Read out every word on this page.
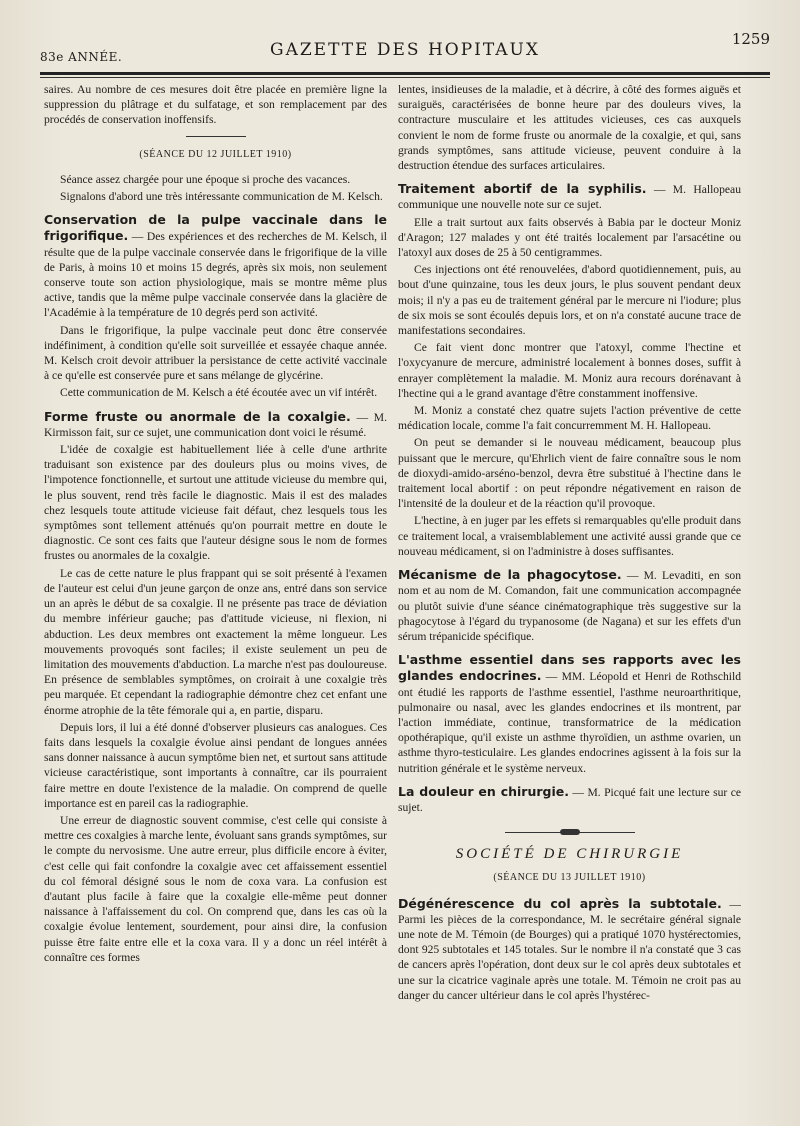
83e ANNÉE.	GAZETTE DES HOPITAUX
1259

saires. Au nombre de ces mesures doit être placée en première ligne la suppression du plâtrage et du sulfatage, et son remplacement par des procédés de conservation inoffensifs.

(SÉANCE DU 12 JUILLET 1910)

Séance assez chargée pour une époque si proche des vacances.

Signalons d'abord une très intéressante communication de M. Kelsch.

Conservation de la pulpe vaccinale dans le frigorifique. — Des expériences et des recherches de M. Kelsch, il résulte que de la pulpe vaccinale conservée dans le frigorifique de la ville de Paris, à moins 10 et moins 15 degrés, après six mois, non seulement conserve toute son action physiologique, mais se montre même plus active, tandis que la même pulpe vaccinale conservée dans la glacière de l'Académie à la température de 10 degrés perd son activité.

Dans le frigorifique, la pulpe vaccinale peut donc être conservée indéfiniment, à condition qu'elle soit surveillée et essayée chaque année. M. Kelsch croit devoir attribuer la persistance de cette activité vaccinale à ce qu'elle est conservée pure et sans mélange de glycérine.

Cette communication de M. Kelsch a été écoutée avec un vif intérêt.

Forme fruste ou anormale de la coxalgie. — M. Kirmisson fait, sur ce sujet, une communication dont voici le résumé.

L'idée de coxalgie est habituellement liée à celle d'une arthrite traduisant son existence par des douleurs plus ou moins vives, de l'impotence fonctionnelle, et surtout une attitude vicieuse du membre qui, le plus souvent, rend très facile le diagnostic. Mais il est des malades chez lesquels toute attitude vicieuse fait défaut, chez lesquels tous les symptômes sont tellement atténués qu'on pourrait mettre en doute le diagnostic. Ce sont ces faits que l'auteur désigne sous le nom de formes frustes ou anormales de la coxalgie.

Le cas de cette nature le plus frappant qui se soit présenté à l'examen de l'auteur est celui d'un jeune garçon de onze ans, entré dans son service un an après le début de sa coxalgie. Il ne présente pas trace de déviation du membre inférieur gauche; pas d'attitude vicieuse, ni flexion, ni abduction. Les deux membres ont exactement la même longueur. Les mouvements provoqués sont faciles; il existe seulement un peu de limitation des mouvements d'abduction. La marche n'est pas douloureuse. En présence de semblables symptômes, on croirait à une coxalgie très peu marquée. Et cependant la radiographie démontre chez cet enfant une énorme atrophie de la tête fémorale qui a, en partie, disparu.

Depuis lors, il lui a été donné d'observer plusieurs cas analogues. Ces faits dans lesquels la coxalgie évolue ainsi pendant de longues années sans donner naissance à aucun symptôme bien net, et surtout sans attitude vicieuse caractéristique, sont importants à connaître, car ils pourraient faire mettre en doute l'existence de la maladie. On comprend de quelle importance est en pareil cas la radiographie.

Une erreur de diagnostic souvent commise, c'est celle qui consiste à mettre ces coxalgies à marche lente, évoluant sans grands symptômes, sur le compte du nervosisme. Une autre erreur, plus difficile encore à éviter, c'est celle qui fait confondre la coxalgie avec cet affaissement essentiel du col fémoral désigné sous le nom de coxa vara. La confusion est d'autant plus facile à faire que la coxalgie elle-même peut donner naissance à l'affaissement du col. On comprend que, dans les cas où la coxalgie évolue lentement, sourdement, pour ainsi dire, la confusion puisse être faite entre elle et la coxa vara. Il y a donc un réel intérêt à connaître ces formes

lentes, insidieuses de la maladie, et à décrire, à côté des formes aiguës et suraiguës, caractérisées de bonne heure par des douleurs vives, la contracture musculaire et les attitudes vicieuses, ces cas auxquels convient le nom de forme fruste ou anormale de la coxalgie, et qui, sans grands symptômes, sans attitude vicieuse, peuvent conduire à la destruction étendue des surfaces articulaires.

Traitement abortif de la syphilis. — M. Hallopeau communique une nouvelle note sur ce sujet.

Elle a trait surtout aux faits observés à Babia par le docteur Moniz d'Aragon; 127 malades y ont été traités localement par l'arsacétine ou l'atoxyl aux doses de 25 à 50 centigrammes.

Ces injections ont été renouvelées, d'abord quotidiennement, puis, au bout d'une quinzaine, tous les deux jours, le plus souvent pendant deux mois; il n'y a pas eu de traitement général par le mercure ni l'iodure; plus de six mois se sont écoulés depuis lors, et on n'a constaté aucune trace de manifestations secondaires.

Ce fait vient donc montrer que l'atoxyl, comme l'hectine et l'oxycyanure de mercure, administré localement à bonnes doses, suffit à enrayer complètement la maladie. M. Moniz aura recours dorénavant à l'hectine qui a le grand avantage d'être constamment inoffensive.

M. Moniz a constaté chez quatre sujets l'action préventive de cette médication locale, comme l'a fait concurremment M. H. Hallopeau.

On peut se demander si le nouveau médicament, beaucoup plus puissant que le mercure, qu'Ehrlich vient de faire connaître sous le nom de dioxydi-amido-arséno-benzol, devra être substitué à l'hectine dans le traitement local abortif : on peut répondre négativement en raison de l'intensité de la douleur et de la réaction qu'il provoque.

L'hectine, à en juger par les effets si remarquables qu'elle produit dans ce traitement local, a vraisemblablement une activité aussi grande que ce nouveau médicament, si on l'administre à doses suffisantes.

Mécanisme de la phagocytose. — M. Levaditi, en son nom et au nom de M. Comandon, fait une communication accompagnée ou plutôt suivie d'une séance cinématographique très suggestive sur la phagocytose à l'égard du trypanosome (de Nagana) et sur les effets d'un sérum trépanicide spécifique.

L'asthme essentiel dans ses rapports avec les glandes endocrines. — MM. Léopold et Henri de Rothschild ont étudié les rapports de l'asthme essentiel, l'asthme neuroarthritique, pulmonaire ou nasal, avec les glandes endocrines et ils montrent, par l'action immédiate, continue, transformatrice de la médication opothérapique, qu'il existe un asthme thyroïdien, un asthme ovarien, un asthme thyro-testiculaire. Les glandes endocrines agissent à la fois sur la nutrition générale et le système nerveux.

La douleur en chirurgie. — M. Picqué fait une lecture sur ce sujet.

SOCIÉTÉ DE CHIRURGIE
(SÉANCE DU 13 JUILLET 1910)

Dégénérescence du col après la subtotale. — Parmi les pièces de la correspondance, M. le secrétaire général signale une note de M. Témoin (de Bourges) qui a pratiqué 1070 hystérectomies, dont 925 subtotales et 145 totales. Sur le nombre il n'a constaté que 3 cas de cancers après l'opération, dont deux sur le col après deux subtotales et une sur la cicatrice vaginale après une totale. M. Témoin ne croit pas au danger du cancer ultérieur dans le col après l'hystérec-
